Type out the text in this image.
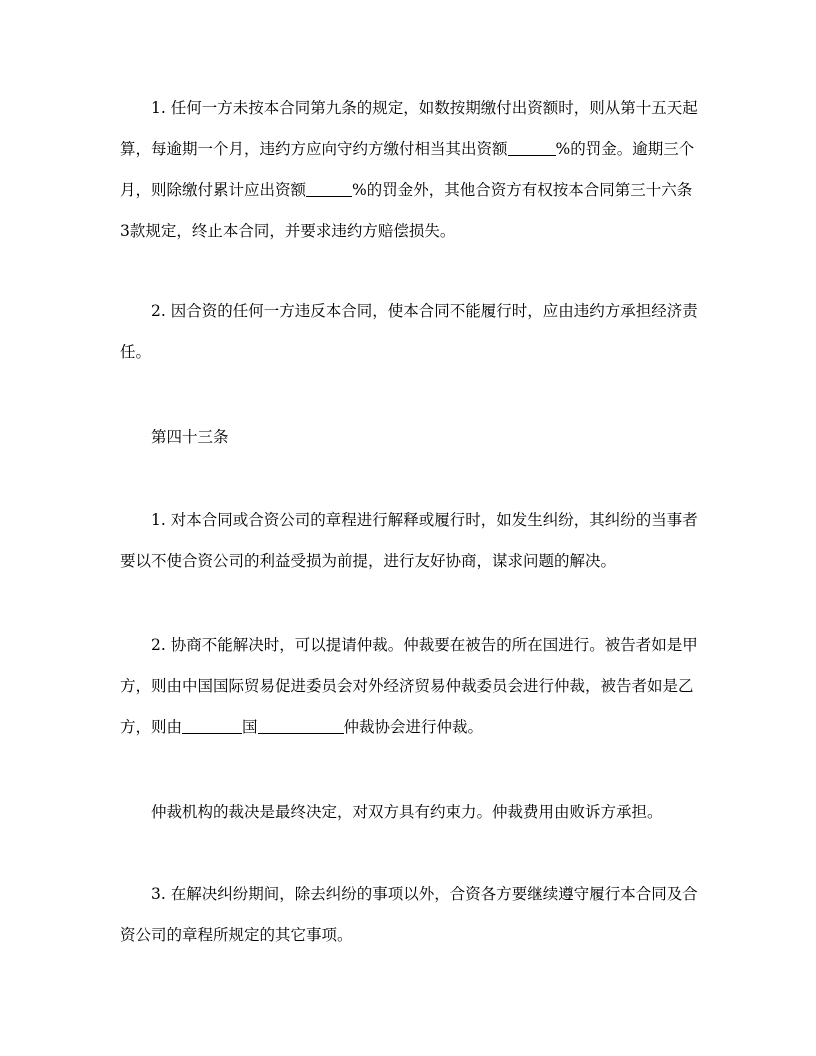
1. 任何一方未按本合同第九条的规定，如数按期缴付出资额时，则从第十五天起算，每逾期一个月，违约方应向守约方缴付相当其出资额	%的罚金。逾期三个月，则除缴付累计应出资额	%的罚金外，其他合资方有权按本合同第三十六条3款规定，终止本合同，并要求违约方赔偿损失。

2. 因合资的任何一方违反本合同，使本合同不能履行时，应由违约方承担经济责任。

第四十三条

1. 对本合同或合资公司的章程进行解释或履行时，如发生纠纷，其纠纷的当事者要以不使合资公司的利益受损为前提，进行友好协商，谋求问题的解决。

2. 协商不能解决时，可以提请仲裁。仲裁要在被告的所在国进行。被告者如是甲方，则由中国国际贸易促进委员会对外经济贸易仲裁委员会进行仲裁，被告者如是乙方，则由	国	仲裁协会进行仲裁。

仲裁机构的裁决是最终决定，对双方具有约束力。仲裁费用由败诉方承担。

3. 在解决纠纷期间，除去纠纷的事项以外，合资各方要继续遵守履行本合同及合资公司的章程所规定的其它事项。
